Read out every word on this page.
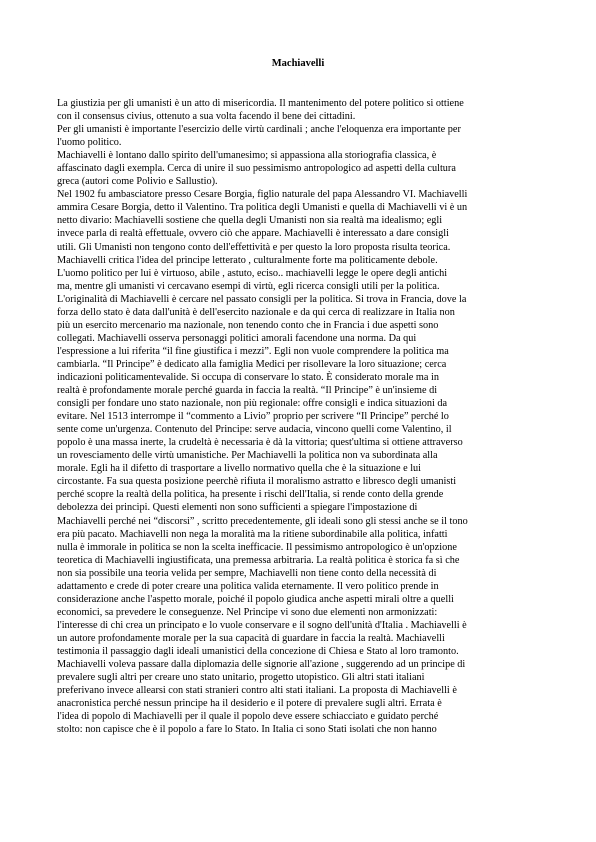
Machiavelli
La giustizia per gli umanisti è un atto di misericordia. Il mantenimento del potere politico si ottiene
con il consensus civius, ottenuto a sua volta facendo il bene dei cittadini.
Per gli umanisti è importante l'esercizio delle virtù cardinali ; anche l'eloquenza era importante per
l'uomo politico.
Machiavelli è lontano dallo spirito dell'umanesimo; si appassiona alla storiografia classica, è
affascinato dagli exempla. Cerca di unire il suo pessimismo antropologico ad aspetti della cultura
greca (autori come Polivio e Sallustio).
Nel 1902 fu ambasciatore presso Cesare Borgia, figlio naturale del papa Alessandro VI. Machiavelli
ammira Cesare Borgia, detto il Valentino. Tra politica degli Umanisti e quella di Machiavelli vi è un
netto divario: Machiavelli sostiene che quella degli Umanisti non sia realtà ma idealismo; egli
invece parla di realtà effettuale, ovvero ciò che appare. Machiavelli è interessato a dare consigli
utili. Gli Umanisti non tengono conto dell'effettività e per questo la loro proposta risulta teorica.
Machiavelli critica l'idea del principe letterato , culturalmente forte ma politicamente debole.
L'uomo politico per lui è virtuoso, abile , astuto, eciso.. machiavelli legge le opere degli antichi
ma, mentre gli umanisti vi cercavano esempi di virtù, egli ricerca consigli utili per la politica.
L'originalità di Machiavelli è cercare nel passato consigli per la politica. Si trova in Francia, dove la
forza dello stato è data dall'unità è dell'esercito nazionale e da qui cerca di realizzare in Italia non
più un esercito mercenario ma nazionale, non tenendo conto che in Francia i due aspetti sono
collegati. Machiavelli osserva personaggi politici amorali facendone una norma. Da qui
l'espressione a lui riferita “il fine giustifica i mezzi”. Egli non vuole comprendere la politica ma
cambiarla. “Il Principe” è dedicato alla famiglia Medici per risollevare la loro situazione; cerca
indicazioni politicamentevalide. Si occupa di conservare lo stato. È considerato morale ma in
realtà è profondamente morale perché guarda in faccia la realtà. “Il Principe” è un'insieme di
consigli per fondare uno stato nazionale, non più regionale: offre consigli e indica situazioni da
evitare. Nel 1513 interrompe il “commento a Livio” proprio per scrivere “Il Principe” perché lo
sente come un'urgenza. Contenuto del Principe: serve audacia, vincono quelli come Valentino, il
popolo è una massa inerte, la crudeltà è necessaria è dà la vittoria; quest'ultima si ottiene attraverso
un rovesciamento delle virtù umanistiche. Per Machiavelli la politica non va subordinata alla
morale. Egli ha il difetto di trasportare a livello normativo quella che è la situazione e lui
circostante. Fa sua questa posizione peerchè rifiuta il moralismo astratto e libresco degli umanisti
perché scopre la realtà della politica, ha presente i rischi dell'Italia, si rende conto della grende
debolezza dei principi. Questi elementi non sono sufficienti a spiegare l'impostazione di
Machiavelli perché nei “discorsi” , scritto precedentemente, gli ideali sono gli stessi anche se il tono
era più pacato. Machiavelli non nega la moralità ma la ritiene subordinabile alla politica, infatti
nulla è immorale in politica se non la scelta inefficacie. Il pessimismo antropologico è un'opzione
teoretica di Machiavelli ingiustificata, una premessa arbitraria. La realtà politica è storica fa sì che
non sia possibile una teoria velida per sempre, Machiavelli non tiene conto della necessità di
adattamento e crede di poter creare una politica valida eternamente. Il vero politico prende in
considerazione anche l'aspetto morale, poiché il popolo giudica anche aspetti mirali oltre a quelli
economici, sa prevedere le conseguenze. Nel Principe vi sono due elementi non armonizzati:
l'interesse di chi crea un principato e lo vuole conservare e il sogno dell'unità d'Italia . Machiavelli è
un autore profondamente morale per la sua capacità di guardare in faccia la realtà. Machiavelli
testimonia il passaggio dagli ideali umanistici della concezione di Chiesa e Stato al loro tramonto.
Machiavelli voleva passare dalla diplomazia delle signorie all'azione , suggerendo ad un principe di
prevalere sugli altri per creare uno stato unitario, progetto utopistico. Gli altri stati italiani
preferivano invece allearsi con stati stranieri contro alti stati italiani. La proposta di Machiavelli è
anacronistica perché nessun principe ha il desiderio e il potere di prevalere sugli altri. Errata è
l'idea di popolo di Machiavelli per il quale il popolo deve essere schiacciato e guidato perché
stolto: non capisce che è il popolo a fare lo Stato. In Italia ci sono Stati isolati che non hanno
